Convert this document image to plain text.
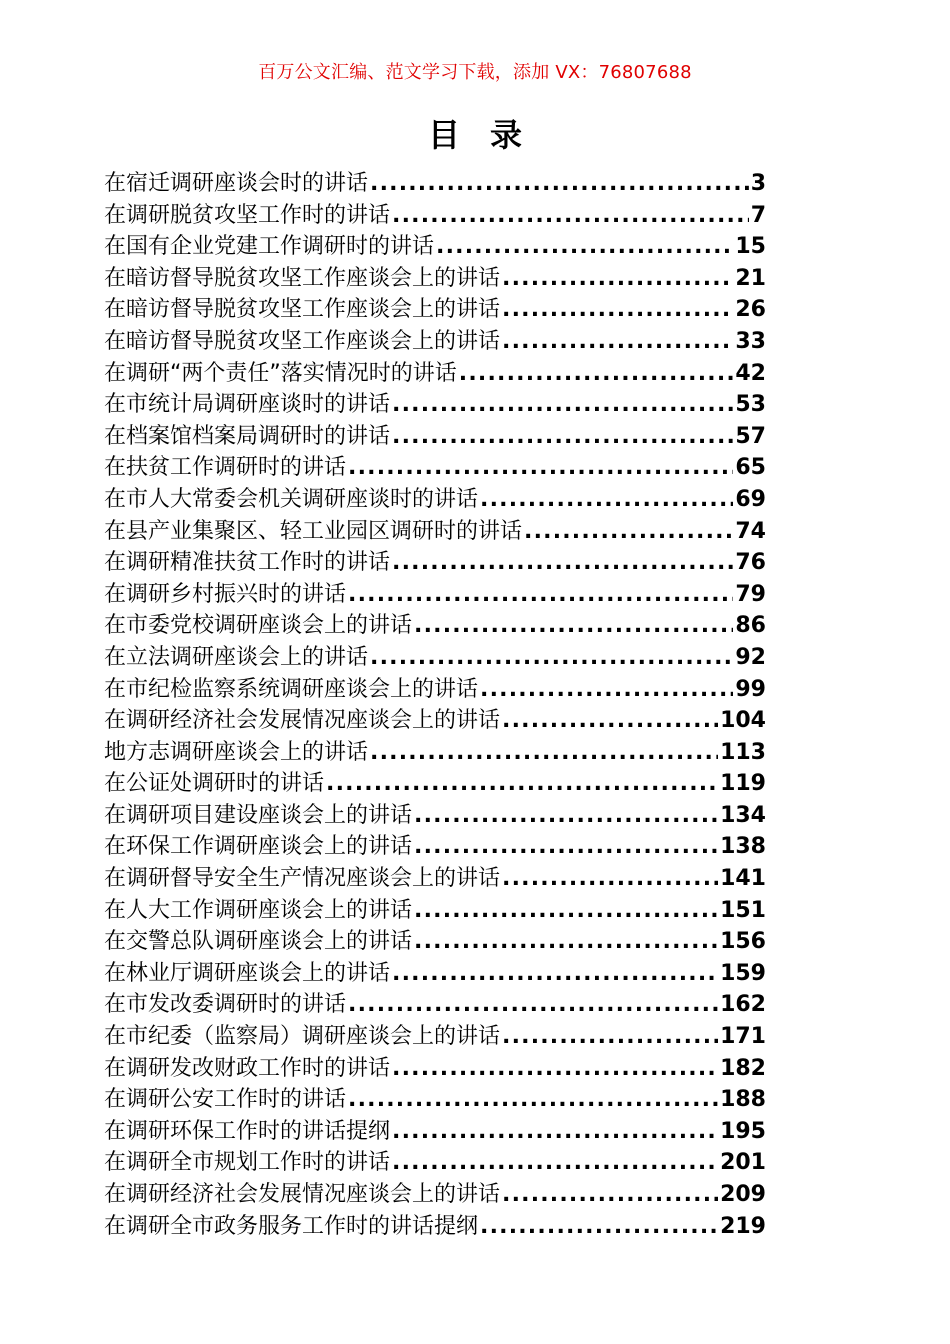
百万公文汇编、范文学习下载，添加 VX：76807688
目录
在宿迁调研座谈会时的讲话 .....	3
在调研脱贫攻坚工作时的讲话 .....	7
在国有企业党建工作调研时的讲话 .....	15
在暗访督导脱贫攻坚工作座谈会上的讲话 .....	21
在暗访督导脱贫攻坚工作座谈会上的讲话 .....	26
在暗访督导脱贫攻坚工作座谈会上的讲话 .....	33
在调研“两个责任”落实情况时的讲话 .....	42
在市统计局调研座谈时的讲话 .....	53
在档案馆档案局调研时的讲话 .....	57
在扶贫工作调研时的讲话 .....	65
在市人大常委会机关调研座谈时的讲话 .....	69
在县产业集聚区、轻工业园区调研时的讲话 .....	74
在调研精准扶贫工作时的讲话 .....	76
在调研乡村振兴时的讲话 .....	79
在市委党校调研座谈会上的讲话 .....	86
在立法调研座谈会上的讲话 .....	92
在市纪检监察系统调研座谈会上的讲话 .....	99
在调研经济社会发展情况座谈会上的讲话 .....	104
地方志调研座谈会上的讲话 .....	113
在公证处调研时的讲话 .....	119
在调研项目建设座谈会上的讲话 .....	134
在环保工作调研座谈会上的讲话 .....	138
在调研督导安全生产情况座谈会上的讲话 .....	141
在人大工作调研座谈会上的讲话 .....	151
在交警总队调研座谈会上的讲话 .....	156
在林业厅调研座谈会上的讲话 .....	159
在市发改委调研时的讲话 .....	162
在市纪委（监察局）调研座谈会上的讲话 .....	171
在调研发改财政工作时的讲话 .....	182
在调研公安工作时的讲话 .....	188
在调研环保工作时的讲话提纲 .....	195
在调研全市规划工作时的讲话 .....	201
在调研经济社会发展情况座谈会上的讲话 .....	209
在调研全市政务服务工作时的讲话提纲 .....	219
